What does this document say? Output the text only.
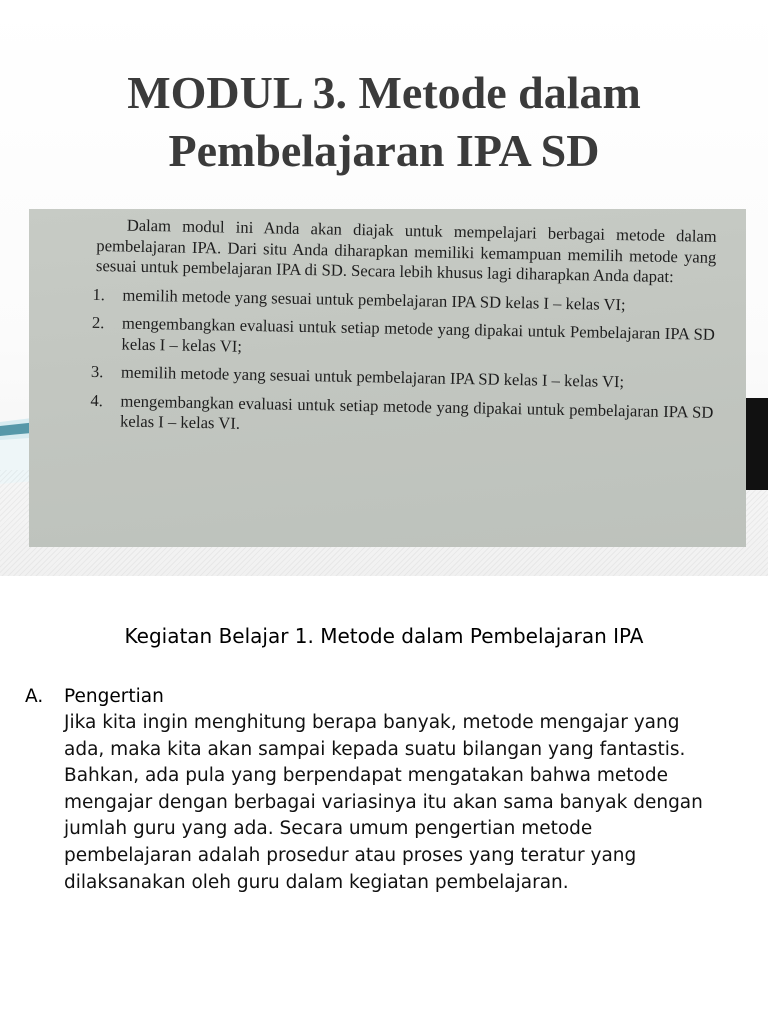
MODUL 3. Metode dalam
Pembelajaran IPA SD

Dalam modul ini Anda akan diajak untuk mempelajari berbagai metode dalam pembelajaran IPA. Dari situ Anda diharapkan memiliki kemampuan memilih metode yang sesuai untuk pembelajaran IPA di SD. Secara lebih khusus lagi diharapkan Anda dapat:

1. memilih metode yang sesuai untuk pembelajaran IPA SD kelas I – kelas VI;
2. mengembangkan evaluasi untuk setiap metode yang dipakai untuk Pembelajaran IPA SD kelas I – kelas VI;
3. memilih metode yang sesuai untuk pembelajaran IPA SD kelas I – kelas VI;
4. mengembangkan evaluasi untuk setiap metode yang dipakai untuk pembelajaran IPA SD kelas I – kelas VI.
Kegiatan Belajar 1. Metode dalam Pembelajaran IPA
A. Pengertian
Jika kita ingin menghitung berapa banyak, metode mengajar yang ada, maka kita akan sampai kepada suatu bilangan yang fantastis. Bahkan, ada pula yang berpendapat mengatakan bahwa metode mengajar dengan berbagai variasinya itu akan sama banyak dengan jumlah guru yang ada. Secara umum pengertian metode pembelajaran adalah prosedur atau proses yang teratur yang dilaksanakan oleh guru dalam kegiatan pembelajaran.
